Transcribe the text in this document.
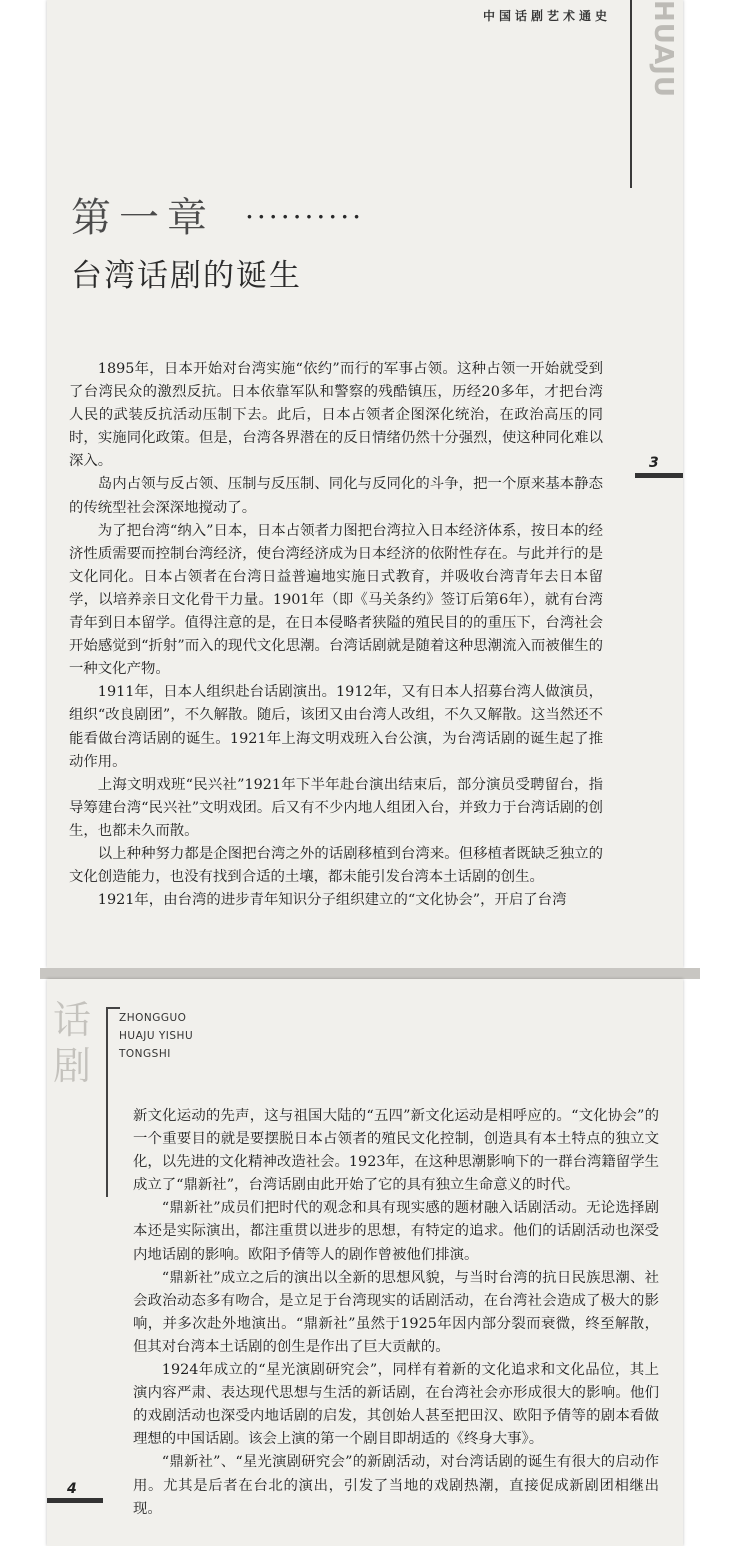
中国话剧艺术通史	HUAJU
第一章 ..........
台湾话剧的诞生
3

1895年，日本开始对台湾实施“依约”而行的军事占领。这种占领一开始就受到了台湾民众的激烈反抗。日本依靠军队和警察的残酷镇压，历经20多年，才把台湾人民的武装反抗活动压制下去。此后，日本占领者企图深化统治，在政治高压的同时，实施同化政策。但是，台湾各界潜在的反日情绪仍然十分强烈，使这种同化难以深入。

岛内占领与反占领、压制与反压制、同化与反同化的斗争，把一个原来基本静态的传统型社会深深地搅动了。

为了把台湾“纳入”日本，日本占领者力图把台湾拉入日本经济体系，按日本的经济性质需要而控制台湾经济，使台湾经济成为日本经济的依附性存在。与此并行的是文化同化。日本占领者在台湾日益普遍地实施日式教育，并吸收台湾青年去日本留学，以培养亲日文化骨干力量。1901年（即《马关条约》签订后第6年），就有台湾青年到日本留学。值得注意的是，在日本侵略者狭隘的殖民目的的重压下，台湾社会开始感觉到“折射”而入的现代文化思潮。台湾话剧就是随着这种思潮流入而被催生的一种文化产物。

1911年，日本人组织赴台话剧演出。1912年，又有日本人招募台湾人做演员，组织“改良剧团”，不久解散。随后，该团又由台湾人改组，不久又解散。这当然还不能看做台湾话剧的诞生。1921年上海文明戏班入台公演，为台湾话剧的诞生起了推动作用。

上海文明戏班“民兴社”1921年下半年赴台演出结束后，部分演员受聘留台，指导筹建台湾“民兴社”文明戏团。后又有不少内地人组团入台，并致力于台湾话剧的创生，也都未久而散。

以上种种努力都是企图把台湾之外的话剧移植到台湾来。但移植者既缺乏独立的文化创造能力，也没有找到合适的土壤，都未能引发台湾本土话剧的创生。

1921年，由台湾的进步青年知识分子组织建立的“文化协会”，开启了台湾

话剧
ZHONGGUO
HUAJU YISHU
TONGSHI

新文化运动的先声，这与祖国大陆的“五四”新文化运动是相呼应的。“文化协会”的一个重要目的就是要摆脱日本占领者的殖民文化控制，创造具有本土特点的独立文化，以先进的文化精神改造社会。1923年，在这种思潮影响下的一群台湾籍留学生成立了“鼎新社”，台湾话剧由此开始了它的具有独立生命意义的时代。

“鼎新社”成员们把时代的观念和具有现实感的题材融入话剧活动。无论选择剧本还是实际演出，都注重贯以进步的思想，有特定的追求。他们的话剧活动也深受内地话剧的影响。欧阳予倩等人的剧作曾被他们排演。

“鼎新社”成立之后的演出以全新的思想风貌，与当时台湾的抗日民族思潮、社会政治动态多有吻合，是立足于台湾现实的话剧活动，在台湾社会造成了极大的影响，并多次赴外地演出。“鼎新社”虽然于1925年因内部分裂而衰微，终至解散，但其对台湾本土话剧的创生是作出了巨大贡献的。

1924年成立的“星光演剧研究会”，同样有着新的文化追求和文化品位，其上演内容严肃、表达现代思想与生活的新话剧，在台湾社会亦形成很大的影响。他们的戏剧活动也深受内地话剧的启发，其创始人甚至把田汉、欧阳予倩等的剧本看做理想的中国话剧。该会上演的第一个剧目即胡适的《终身大事》。

“鼎新社”、“星光演剧研究会”的新剧活动，对台湾话剧的诞生有很大的启动作用。尤其是后者在台北的演出，引发了当地的戏剧热潮，直接促成新剧团相继出现。

4
